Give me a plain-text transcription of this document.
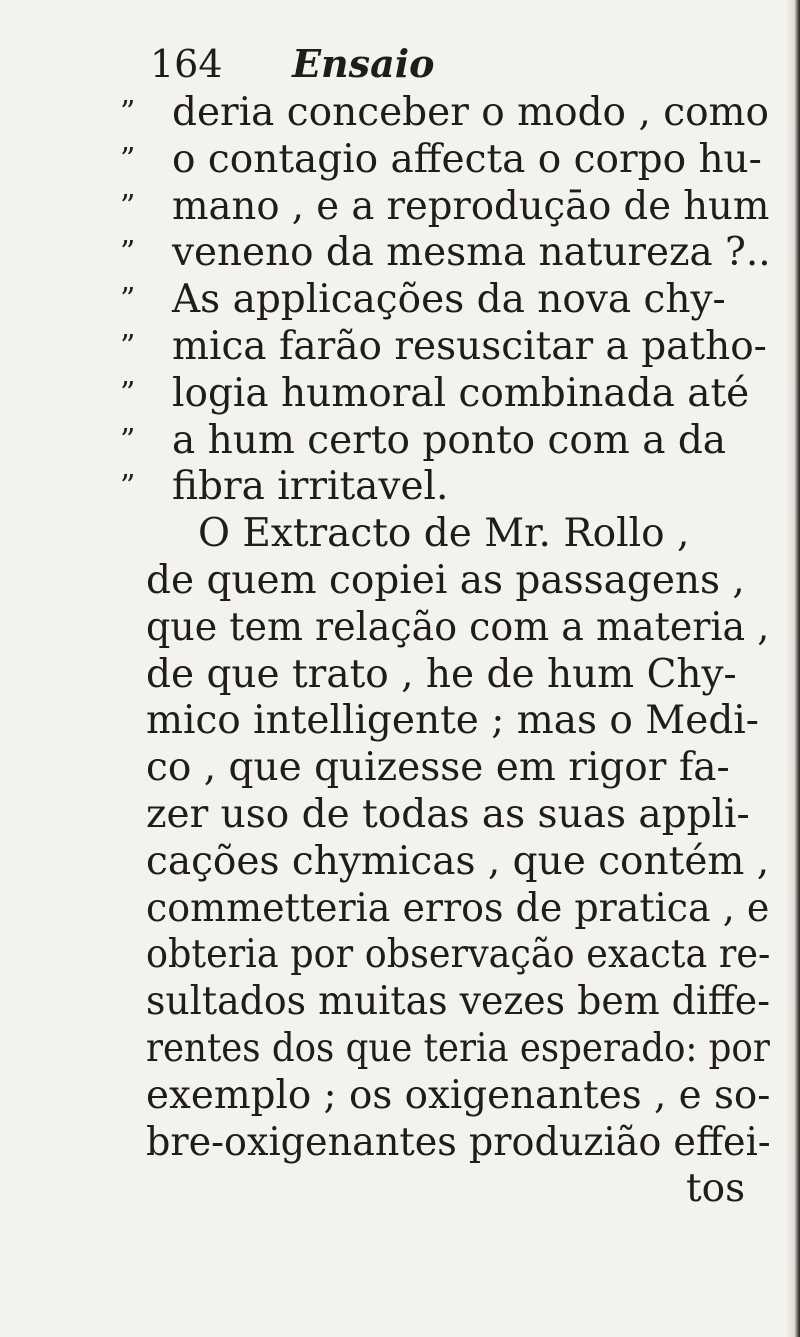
164 Ensaio
” deria conceber o modo , como
” o contagio affecta o corpo hu-
” mano , e a reproduçāo de hum
” veneno da mesma natureza ?..
” As applicações da nova chy-
” mica farão resuscitar a patho-
” logia humoral combinada até
” a hum certo ponto com a da
” fibra irritavel.
O Extracto de Mr. Rollo ,
de quem copiei as passagens ,
que tem relação com a materia ,
de que trato , he de hum Chy-
mico intelligente ; mas o Medi-
co , que quizesse em rigor fa-
zer uso de todas as suas appli-
cações chymicas , que contém ,
commetteria erros de pratica , e
obteria por observação exacta re-
sultados muitas vezes bem diffe-
rentes dos que teria esperado: por
exemplo ; os oxigenantes , e so-
bre-oxigenantes produzião effei-
tos
